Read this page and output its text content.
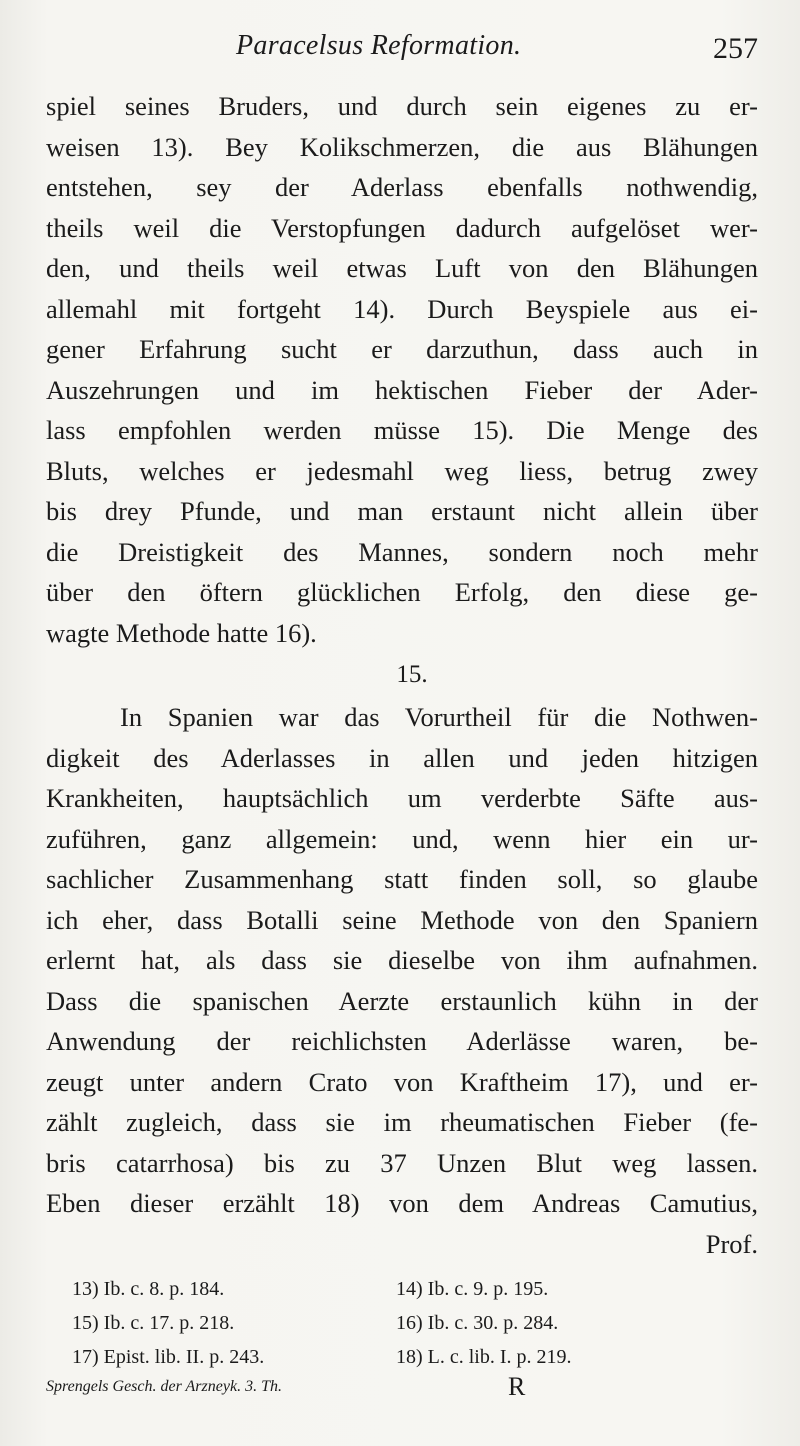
Paracelsus Reformation.	257
spiel seines Bruders, und durch sein eigenes zu er-
weisen 13). Bey Kolikschmerzen, die aus Blähungen
entstehen, sey der Aderlass ebenfalls nothwendig,
theils weil die Verstopfungen dadurch aufgelöset wer-
den, und theils weil etwas Luft von den Blähungen
allemahl mit fortgeht 14). Durch Beyspiele aus ei-
gener Erfahrung sucht er darzuthun, dass auch in
Auszehrungen und im hektischen Fieber der Ader-
lass empfohlen werden müsse 15). Die Menge des
Bluts, welches er jedesmahl weg liess, betrug zwey
bis drey Pfunde, und man erstaunt nicht allein über
die Dreistigkeit des Mannes, sondern noch mehr
über den öftern glücklichen Erfolg, den diese ge-
wagte Methode hatte 16).
15.
In Spanien war das Vorurtheil für die Nothwen-
digkeit des Aderlasses in allen und jeden hitzigen
Krankheiten, hauptsächlich um verderbte Säfte aus-
zuführen, ganz allgemein: und, wenn hier ein ur-
sachlicher Zusammenhang statt finden soll, so glaube
ich eher, dass Botalli seine Methode von den Spaniern
erlernt hat, als dass sie dieselbe von ihm aufnahmen.
Dass die spanischen Aerzte erstaunlich kühn in der
Anwendung der reichlichsten Aderlässe waren, be-
zeugt unter andern Crato von Kraftheim 17), und er-
zählt zugleich, dass sie im rheumatischen Fieber (fe-
bris catarrhosa) bis zu 37 Unzen Blut weg lassen.
Eben dieser erzählt 18) von dem Andreas Camutius,
Prof.
13) Ib. c. 8. p. 184.	14) Ib. c. 9. p. 195.
15) Ib. c. 17. p. 218.	16) Ib. c. 30. p. 284.
17) Epist. lib. II. p. 243.	18) L. c. lib. I. p. 219.
Sprengels Gesch. der Arzneyk. 3. Th.	R
